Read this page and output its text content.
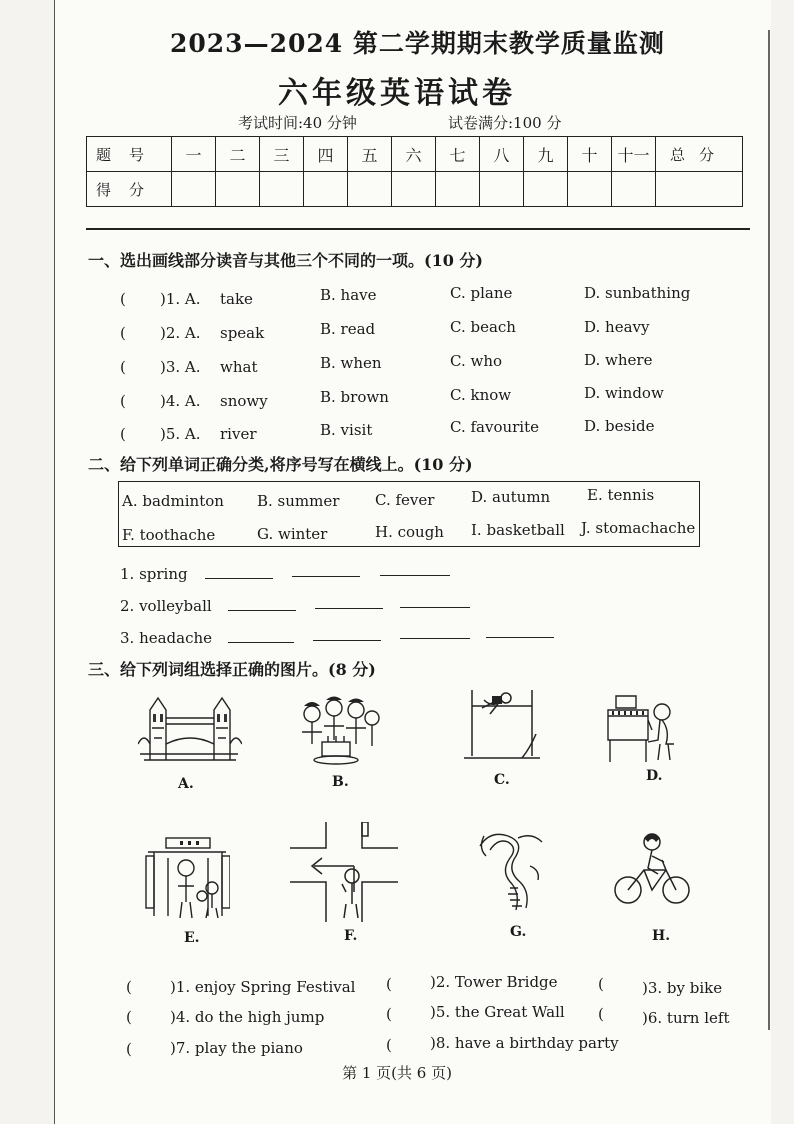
2023—2024 第二学期期末教学质量监测
六年级英语试卷
考试时间:40 分钟	试卷满分:100 分
题号	一	二	三	四	五	六	七	八	九	十	十一	总分
得分												
一、选出画线部分读音与其他三个不同的一项。(10 分)
( )1. A. take	B. have	C. plane	D. sunbathing
( )2. A. speak	B. read	C. beach	D. heavy
( )3. A. what	B. when	C. who	D. where
( )4. A. snowy	B. brown	C. know	D. window
( )5. A. river	B. visit	C. favourite	D. beside
二、给下列单词正确分类,将序号写在横线上。(10 分)
A. badminton B. summer C. fever D. autumn E. tennis
F. toothache	G. winter	H. cough I. basketball J. stomachache
1. spring
2. volleyball
3. headache
三、给下列词组选择正确的图片。(8 分)
A.	B.	C.	D.
E.	F.	G.	H.
(	)1. enjoy Spring Festival (	)2. Tower Bridge	(	)3. by bike
(	)4. do the high jump	(	)5. the Great Wall (	)6. turn left
(	)7. play the piano	(	)8. have a birthday party
第 1 页(共 6 页)
